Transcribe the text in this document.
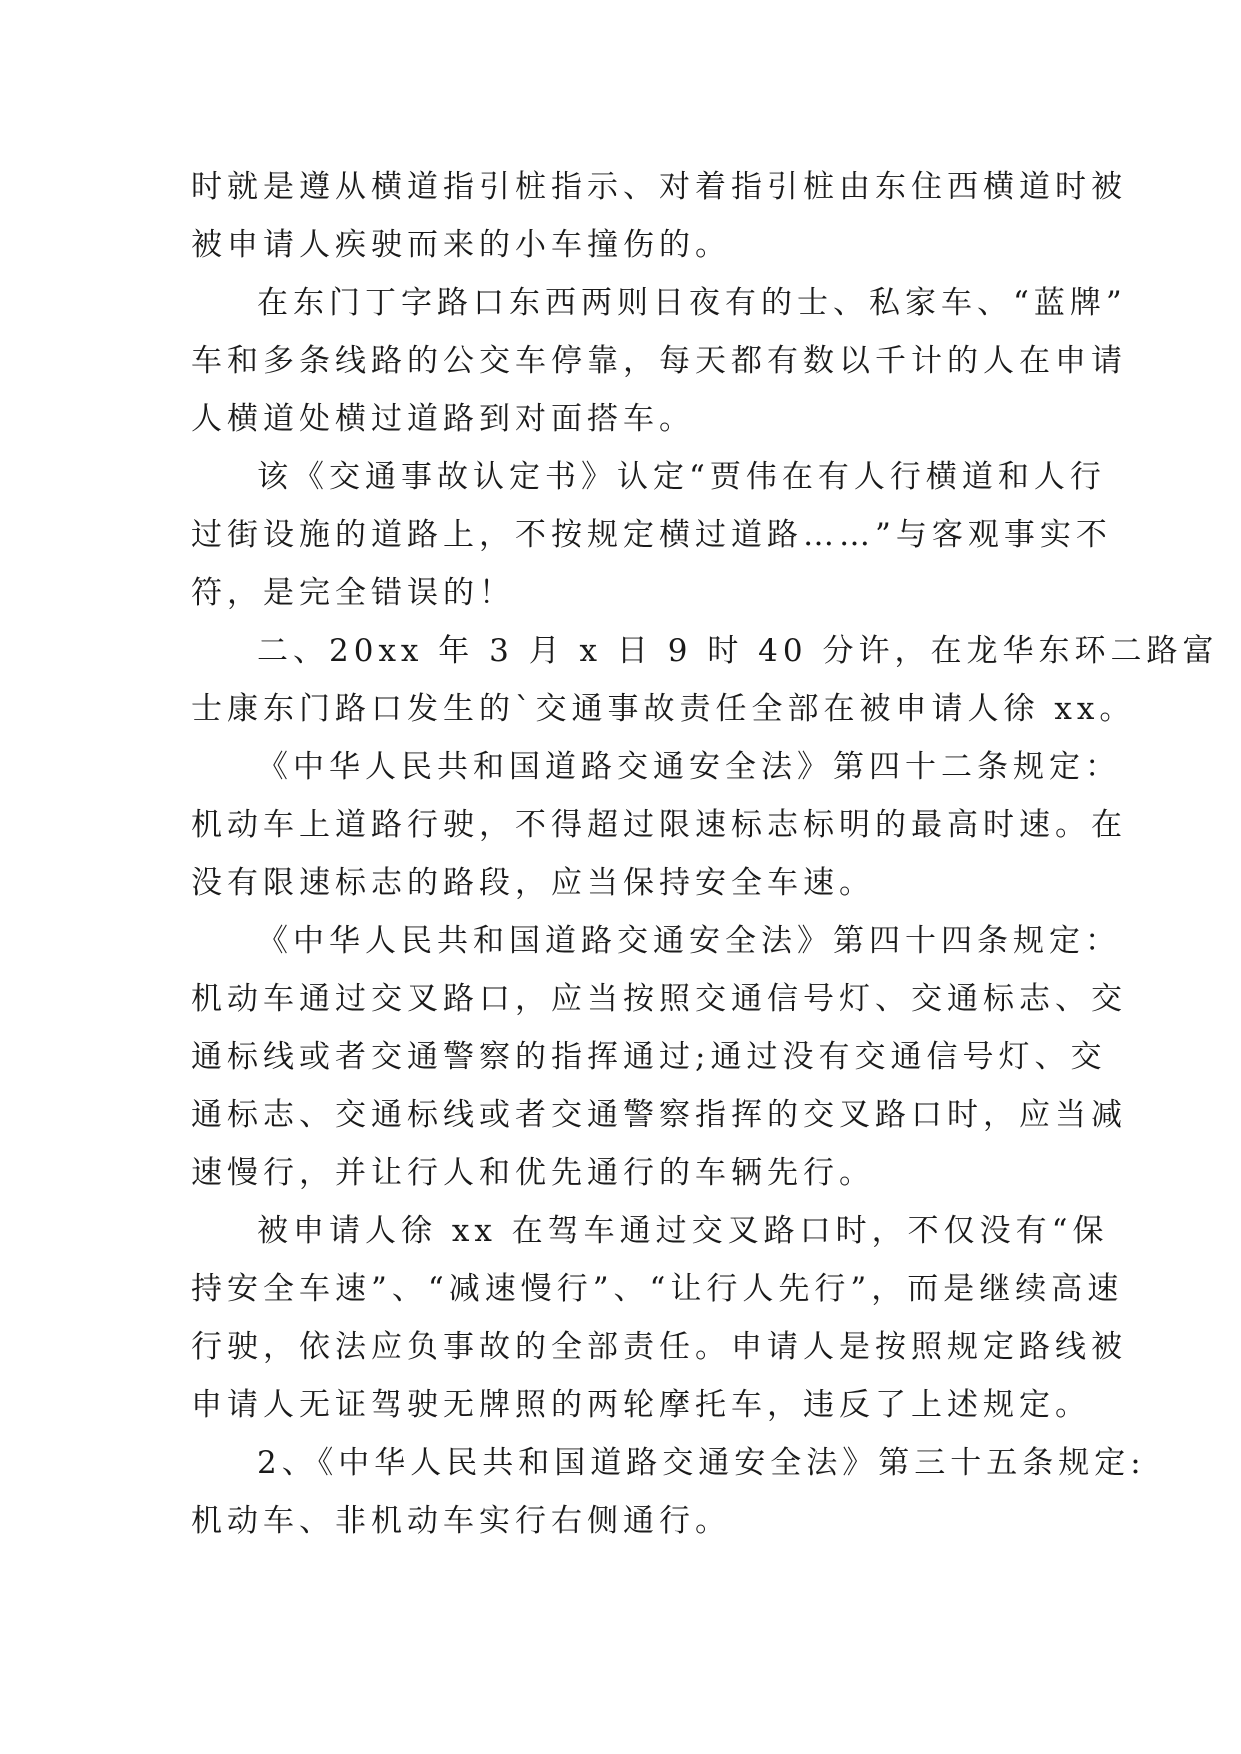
时就是遵从横道指引桩指示、对着指引桩由东住西横道时被
被申请人疾驶而来的小车撞伤的。

在东门丁字路口东西两则日夜有的士、私家车、“蓝牌”

车和多条线路的公交车停靠，每天都有数以千计的人在申请
人横道处横过道路到对面搭车。

该《交通事故认定书》认定“贾伟在有人行横道和人行

过街设施的道路上，不按规定横过道路……”与客观事实不
符，是完全错误的！

二、20xx 年 3 月 x 日 9 时 40 分许，在龙华东环二路富

士康东门路口发生的`交通事故责任全部在被申请人徐 xx。

《中华人民共和国道路交通安全法》第四十二条规定：

机动车上道路行驶，不得超过限速标志标明的最高时速。在
没有限速标志的路段，应当保持安全车速。

《中华人民共和国道路交通安全法》第四十四条规定：

机动车通过交叉路口，应当按照交通信号灯、交通标志、交
通标线或者交通警察的指挥通过;通过没有交通信号灯、交
通标志、交通标线或者交通警察指挥的交叉路口时，应当减
速慢行，并让行人和优先通行的车辆先行。

被申请人徐 xx 在驾车通过交叉路口时，不仅没有“保

持安全车速”、“减速慢行”、“让行人先行”，而是继续高速
行驶，依法应负事故的全部责任。申请人是按照规定路线被
申请人无证驾驶无牌照的两轮摩托车，违反了上述规定。

2、《中华人民共和国道路交通安全法》第三十五条规定:

机动车、非机动车实行右侧通行。
